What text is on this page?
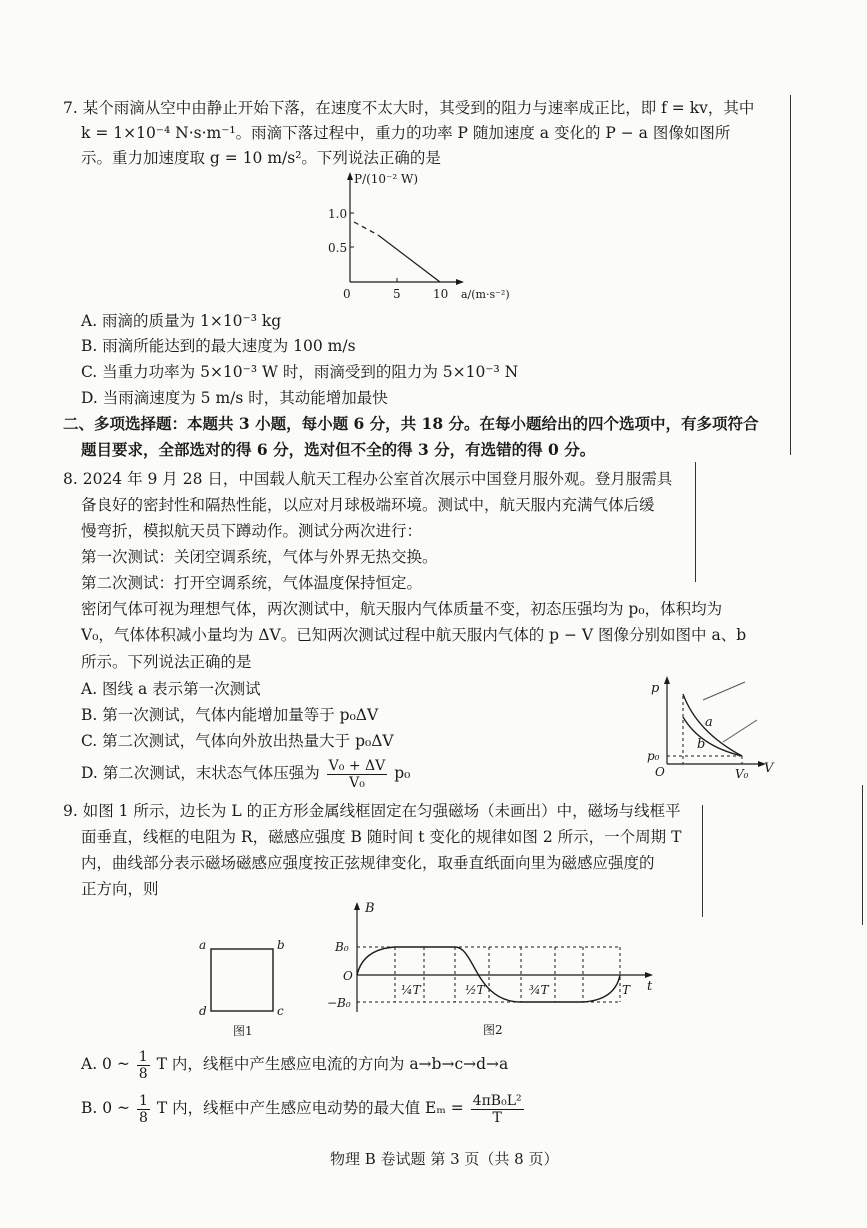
7. 某个雨滴从空中由静止开始下落，在速度不太大时，其受到的阻力与速率成正比，即 f = kv，其中
k = 1×10⁻⁴ N·s·m⁻¹。雨滴下落过程中，重力的功率 P 随加速度 a 变化的 P − a 图像如图所
示。重力加速度取 g = 10 m/s²。下列说法正确的是
P/(10⁻² W)
1.0
0.5
0	5	10 a/(m·s⁻²)
A. 雨滴的质量为 1×10⁻³ kg
B. 雨滴所能达到的最大速度为 100 m/s
C. 当重力功率为 5×10⁻³ W 时，雨滴受到的阻力为 5×10⁻³ N
D. 当雨滴速度为 5 m/s 时，其动能增加最快
二、多项选择题：本题共 3 小题，每小题 6 分，共 18 分。在每小题给出的四个选项中，有多项符合
题目要求，全部选对的得 6 分，选对但不全的得 3 分，有选错的得 0 分。
8. 2024 年 9 月 28 日，中国载人航天工程办公室首次展示中国登月服外观。登月服需具
备良好的密封性和隔热性能，以应对月球极端环境。测试中，航天服内充满气体后缓
慢弯折，模拟航天员下蹲动作。测试分两次进行：
第一次测试：关闭空调系统，气体与外界无热交换。
第二次测试：打开空调系统，气体温度保持恒定。
密闭气体可视为理想气体，两次测试中，航天服内气体质量不变，初态压强均为 p₀，体积均为
V₀，气体体积减小量均为 ΔV。已知两次测试过程中航天服内气体的 p − V 图像分别如图中 a、b
所示。下列说法正确的是
A. 图线 a 表示第一次测试
B. 第一次测试，气体内能增加量等于 p₀ΔV
C. 第二次测试，气体向外放出热量大于 p₀ΔV
D. 第二次测试，末状态气体压强为 $\frac{\text{V₀ + ΔV}}{\text{V₀}} p_0$
p
V
p₀
O	V₀
a
b
9. 如图 1 所示，边长为 L 的正方形金属线框固定在匀强磁场（未画出）中，磁场与线框平
面垂直，线框的电阻为 R，磁感应强度 B 随时间 t 变化的规律如图 2 所示，一个周期 T
内，曲线部分表示磁场磁感应强度按正弦规律变化，取垂直纸面向里为磁感应强度的
正方向，则
a	b
c
d
图1
B
t
B₀
−B₀
O
¼T	½T	¾T	T
图2
A. 0 ~ $\frac{1}{8}$ T 内，线框中产生感应电流的方向为 a→b→c→d→a
B. 0 ~ $\frac{1}{8}$ T 内，线框中产生感应电动势的最大值 $E_m = \frac{\text{4πB₀L²}}{T}$
物理 B 卷试题 第 3 页（共 8 页）
